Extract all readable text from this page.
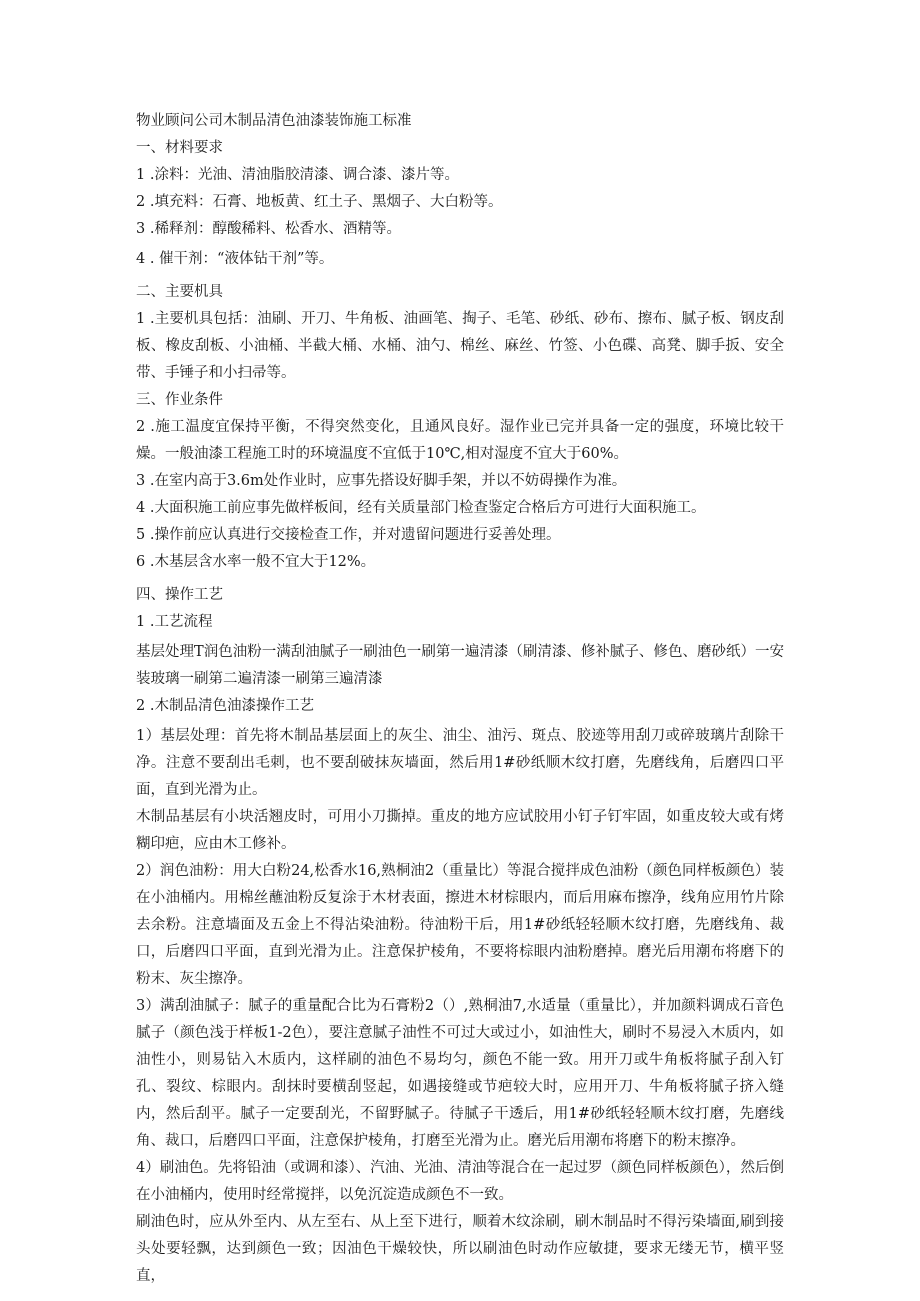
物业顾问公司木制品清色油漆装饰施工标准

一、材料要求

1 .涂料：光油、清油脂胶清漆、调合漆、漆片等。

2 .填充料：石膏、地板黄、红土子、黑烟子、大白粉等。

3 .稀释剂：醇酸稀料、松香水、酒精等。

4 . 催干剂：“液体钻干剂”等。

二、主要机具

1 .主要机具包括：油刷、开刀、牛角板、油画笔、掏子、毛笔、砂纸、砂布、擦布、腻子板、钢皮刮板、橡皮刮板、小油桶、半截大桶、水桶、油勺、棉丝、麻丝、竹签、小色碟、高凳、脚手扳、安全带、手锤子和小扫帚等。

三、作业条件

2 .施工温度宜保持平衡，不得突然变化，且通风良好。湿作业已完并具备一定的强度，环境比较干燥。一般油漆工程施工时的环境温度不宜低于10℃,相对湿度不宜大于60%。

3 .在室内高于3.6m处作业时，应事先搭设好脚手架，并以不妨碍操作为准。

4 .大面积施工前应事先做样板间，经有关质量部门检查鉴定合格后方可进行大面积施工。

5 .操作前应认真进行交接检查工作，并对遗留问题进行妥善处理。

6 .木基层含水率一般不宜大于12%。

四、操作工艺

1 .工艺流程

基层处理T润色油粉一满刮油腻子一刷油色一刷第一遍清漆（刷清漆、修补腻子、修色、磨砂纸）一安装玻璃一刷第二遍清漆一刷第三遍清漆

2 .木制品清色油漆操作工艺

1）基层处理：首先将木制品基层面上的灰尘、油尘、油污、斑点、胶迹等用刮刀或碎玻璃片刮除干净。注意不要刮出毛刺，也不要刮破抹灰墙面，然后用1#砂纸顺木纹打磨，先磨线角，后磨四口平面，直到光滑为止。

木制品基层有小块活翘皮时，可用小刀撕掉。重皮的地方应试胶用小钉子钉牢固，如重皮较大或有烤糊印疤，应由木工修补。

2）润色油粉：用大白粉24,松香水16,熟桐油2（重量比）等混合搅拌成色油粉（颜色同样板颜色）装在小油桶内。用棉丝蘸油粉反复涂于木材表面，擦进木材棕眼内，而后用麻布擦净，线角应用竹片除去余粉。注意墙面及五金上不得沾染油粉。待油粉干后，用1#砂纸轻轻顺木纹打磨，先磨线角、裁口，后磨四口平面，直到光滑为止。注意保护棱角，不要将棕眼内油粉磨掉。磨光后用潮布将磨下的粉末、灰尘擦净。

3）满刮油腻子：腻子的重量配合比为石膏粉2（）,熟桐油7,水适量（重量比），并加颜料调成石音色腻子（颜色浅于样板1-2色），要注意腻子油性不可过大或过小，如油性大，刷时不易浸入木质内，如油性小，则易钻入木质内，这样刷的油色不易均匀，颜色不能一致。用开刀或牛角板将腻子刮入钉孔、裂纹、棕眼内。刮抹时要横刮竖起，如遇接缝或节疤较大时，应用开刀、牛角板将腻子挤入缝内，然后刮平。腻子一定要刮光，不留野腻子。待腻子干透后，用1#砂纸轻轻顺木纹打磨，先磨线角、裁口，后磨四口平面，注意保护棱角，打磨至光滑为止。磨光后用潮布将磨下的粉末擦净。

4）刷油色。先将铅油（或调和漆）、汽油、光油、清油等混合在一起过罗（颜色同样板颜色），然后倒在小油桶内，使用时经常搅拌，以免沉淀造成颜色不一致。

刷油色时，应从外至内、从左至右、从上至下进行，顺着木纹涂刷，刷木制品时不得污染墙面,刷到接头处要轻飘，达到颜色一致；因油色干燥较快，所以刷油色时动作应敏捷，要求无缕无节，横平竖直，
